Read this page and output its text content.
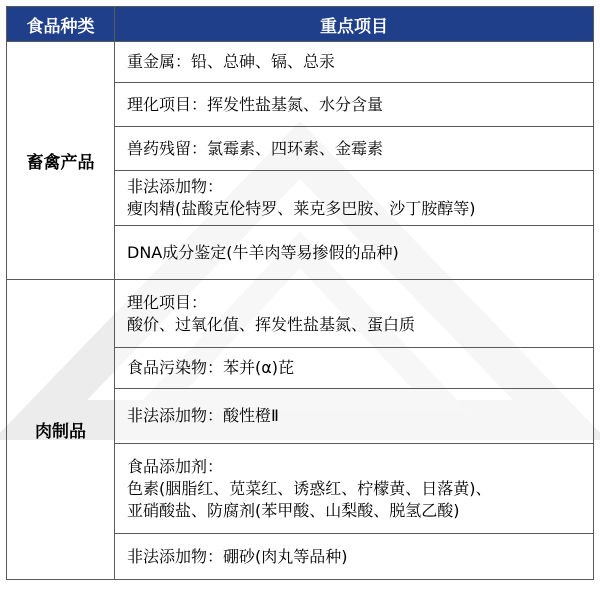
食品种类	重点项目
畜禽产品	重金属：铅、总砷、镉、总汞

	理化项目：挥发性盐基氮、水分含量

	兽药残留：氯霉素、四环素、金霉素

	非法添加物：
瘦肉精(盐酸克伦特罗、莱克多巴胺、沙丁胺醇等)

	DNA成分鉴定(牛羊肉等易掺假的品种)

肉制品	理化项目：
酸价、过氧化值、挥发性盐基氮、蛋白质

	食品污染物：苯并(α)芘

	非法添加物：酸性橙Ⅱ

	食品添加剂：
色素(胭脂红、苋菜红、诱惑红、柠檬黄、日落黄)、
亚硝酸盐、防腐剂(苯甲酸、山梨酸、脱氢乙酸)

	非法添加物：硼砂(肉丸等品种)
